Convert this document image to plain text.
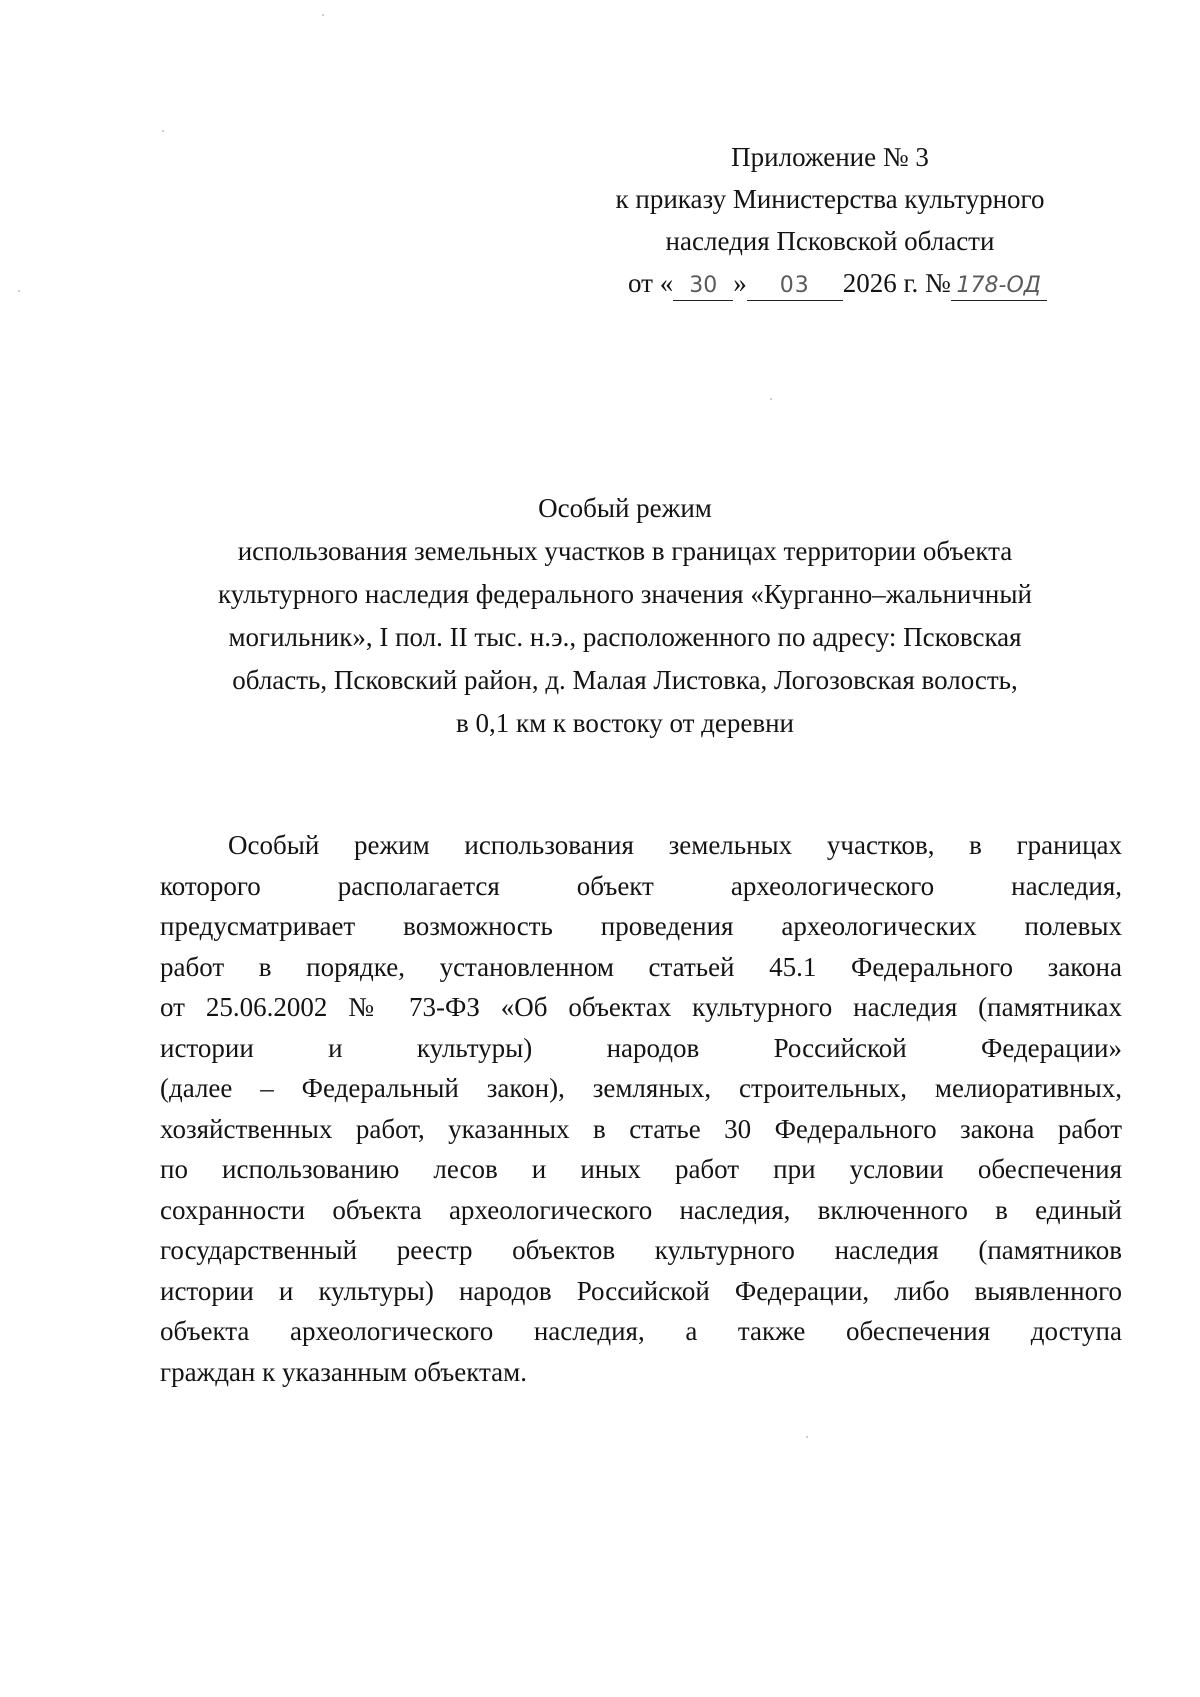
Приложение № 3
к приказу Министерства культурного
наследия Псковской области
от « 30 » 03 2026 г. № 178-ОД
Особый режим
использования земельных участков в границах территории объекта
культурного наследия федерального значения «Курганно–жальничный
могильник», I пол. II тыс. н.э., расположенного по адресу: Псковская
область, Псковский район, д. Малая Листовка, Логозовская волость,
в 0,1 км к востоку от деревни
Особый режим использования земельных участков, в границах
которого располагается объект археологического наследия,
предусматривает возможность проведения археологических полевых
работ в порядке, установленном статьей 45.1 Федерального закона
от 25.06.2002 № 73-ФЗ «Об объектах культурного наследия (памятниках
истории и культуры) народов Российской Федерации»
(далее – Федеральный закон), земляных, строительных, мелиоративных,
хозяйственных работ, указанных в статье 30 Федерального закона работ
по использованию лесов и иных работ при условии обеспечения
сохранности объекта археологического наследия, включенного в единый
государственный реестр объектов культурного наследия (памятников
истории и культуры) народов Российской Федерации, либо выявленного
объекта археологического наследия, а также обеспечения доступа
граждан к указанным объектам.
